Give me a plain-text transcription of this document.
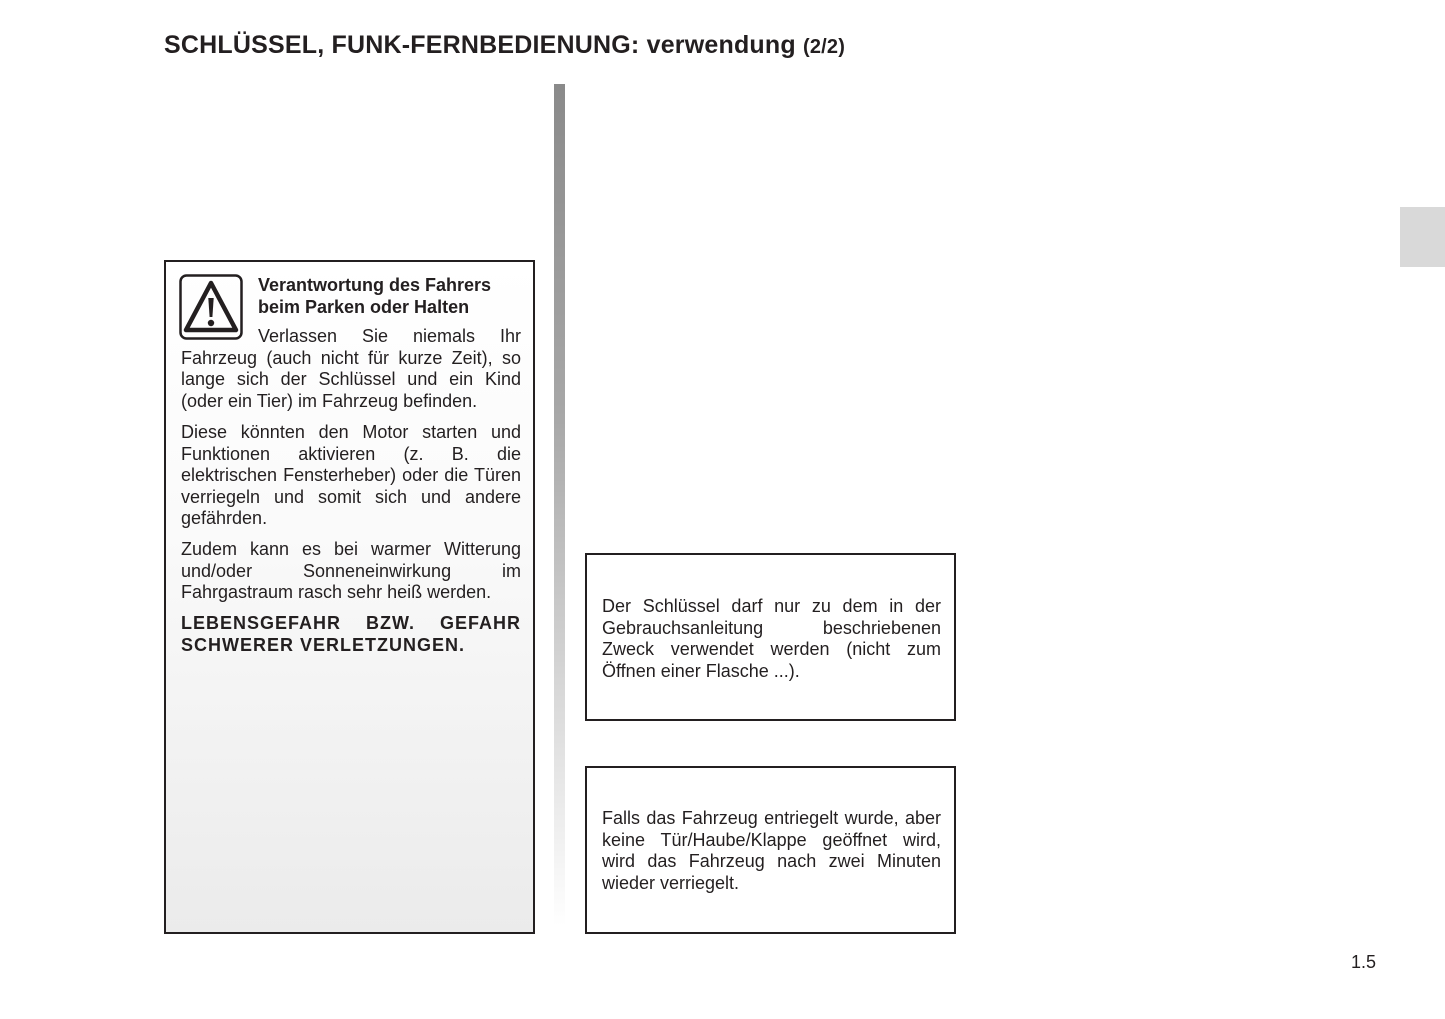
SCHLÜSSEL, FUNK-FERNBEDIENUNG: verwendung (2/2)

Verantwortung des Fahrers beim Parken oder Halten

Verlassen Sie niemals Ihr Fahrzeug (auch nicht für kurze Zeit), so lange sich der Schlüssel und ein Kind (oder ein Tier) im Fahrzeug befinden.

Diese könnten den Motor starten und Funktionen aktivieren (z. B. die elektrischen Fensterheber) oder die Türen verriegeln und somit sich und andere gefährden.

Zudem kann es bei warmer Witterung und/oder Sonneneinwirkung im Fahrgastraum rasch sehr heiß werden.

LEBENSGEFAHR BZW. GEFAHR SCHWERER VERLETZUNGEN.

Der Schlüssel darf nur zu dem in der Gebrauchsanleitung beschriebenen Zweck verwendet werden (nicht zum Öffnen einer Flasche ...).

Falls das Fahrzeug entriegelt wurde, aber keine Tür/Haube/Klappe geöffnet wird, wird das Fahrzeug nach zwei Minuten wieder verriegelt.

1.5
